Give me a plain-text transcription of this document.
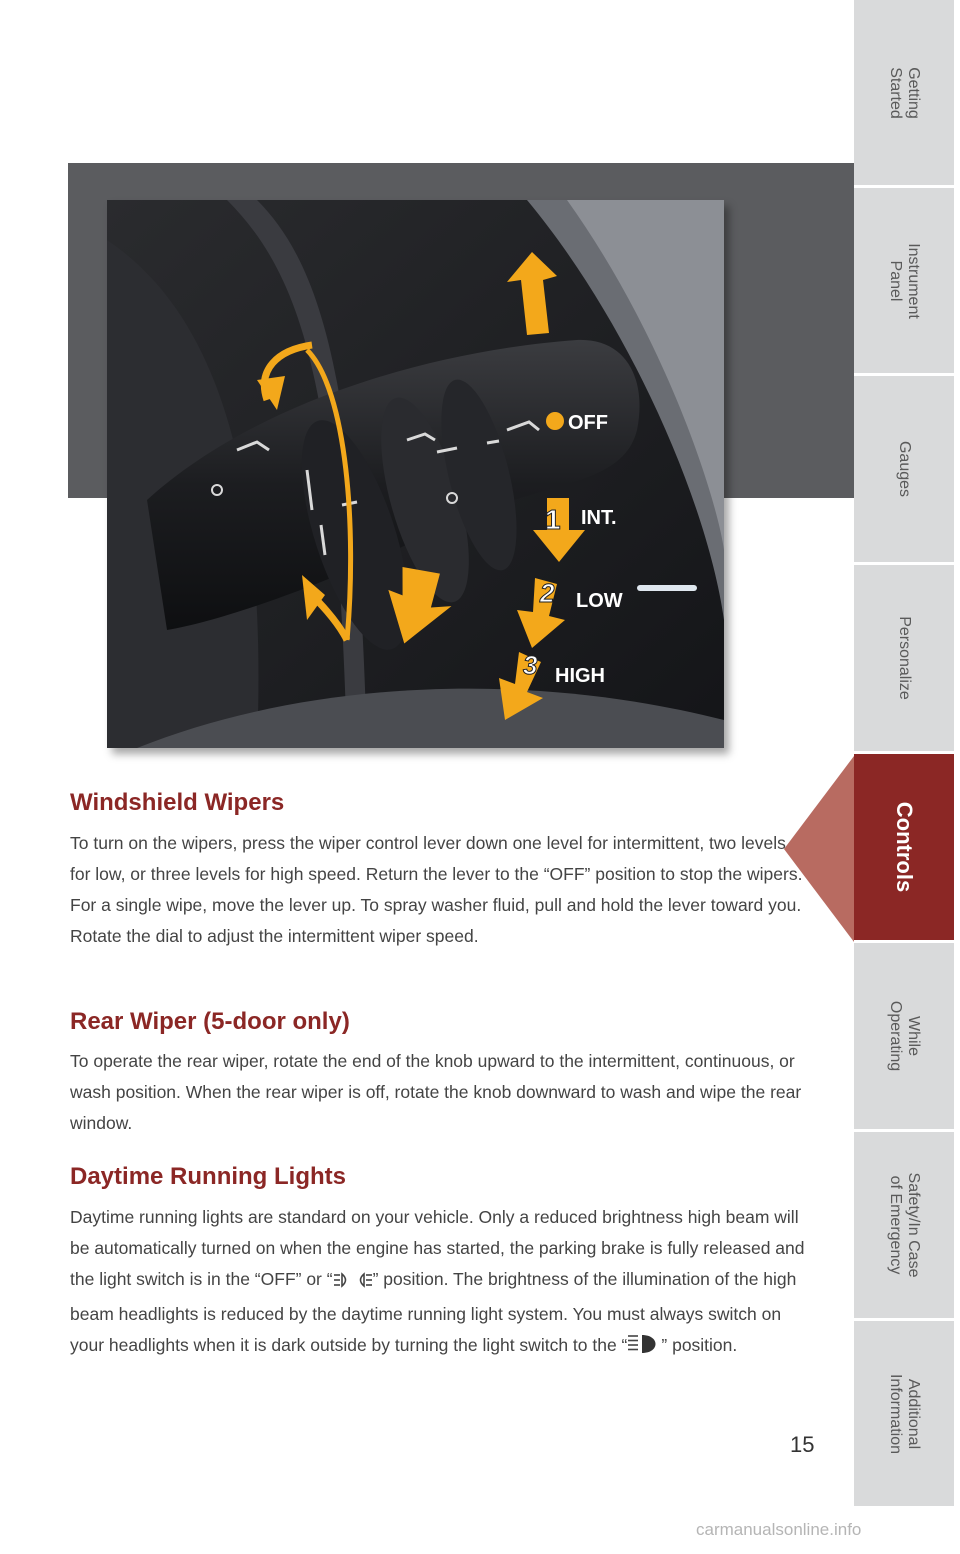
1
2
3
OFF
INT.
LOW
HIGH
Windshield Wipers

To turn on the wipers, press the wiper control lever down one level for intermittent, two levels for low, or three levels for high speed. Return the lever to the “OFF” position to stop the wipers. For a single wipe, move the lever up. To spray washer fluid, pull and hold the lever toward you. Rotate the dial to adjust the intermittent wiper speed.

Rear Wiper (5-door only)

To operate the rear wiper, rotate the end of the knob upward to the intermittent, continuous, or wash position. When the rear wiper is off, rotate the knob downward to wash and wipe the rear window.

Daytime Running Lights

Daytime running lights are standard on your vehicle. Only a reduced brightness high beam will be automatically turned on when the engine has started, the parking brake is fully released and the light switch is in the “OFF” or “ ” position. The brightness of the illumination of the high beam headlights is reduced by the daytime running light system. You must always switch on your headlights when it is dark outside by turning the light switch to the “ ” position.

15
carmanualsonline.info
Getting
Started
Instrument
Panel
Gauges
Personalize
Controls
While
Operating
Safety/In Case
of Emergency
Additional
Information
